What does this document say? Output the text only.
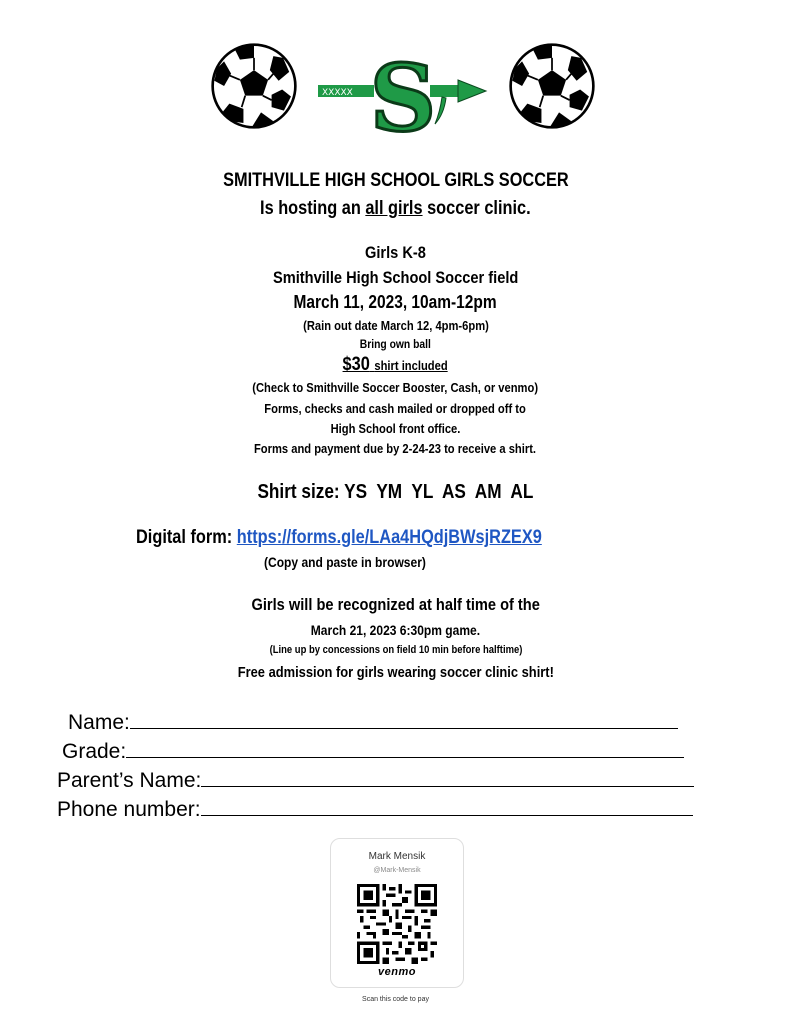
XXXXX S
SMITHVILLE HIGH SCHOOL GIRLS SOCCER
Is hosting an all girls soccer clinic.
Girls K-8
Smithville High School Soccer field
March 11, 2023, 10am-12pm
(Rain out date March 12, 4pm-6pm)
Bring own ball
$30 shirt included
(Check to Smithville Soccer Booster, Cash, or venmo)
Forms, checks and cash mailed or dropped off to
High School front office.
Forms and payment due by 2-24-23 to receive a shirt.
Shirt size: YS  YM  YL  AS  AM  AL
Digital form: https://forms.gle/LAa4HQdjBWsjRZEX9
(Copy and paste in browser)
Girls will be recognized at half time of the
March 21, 2023 6:30pm game.
(Line up by concessions on field 10 min before halftime)
Free admission for girls wearing soccer clinic shirt!
Name:
Grade:
Parent’s Name:
Phone number:
Mark Mensik
@Mark-Mensik
venmo
Scan this code to pay
